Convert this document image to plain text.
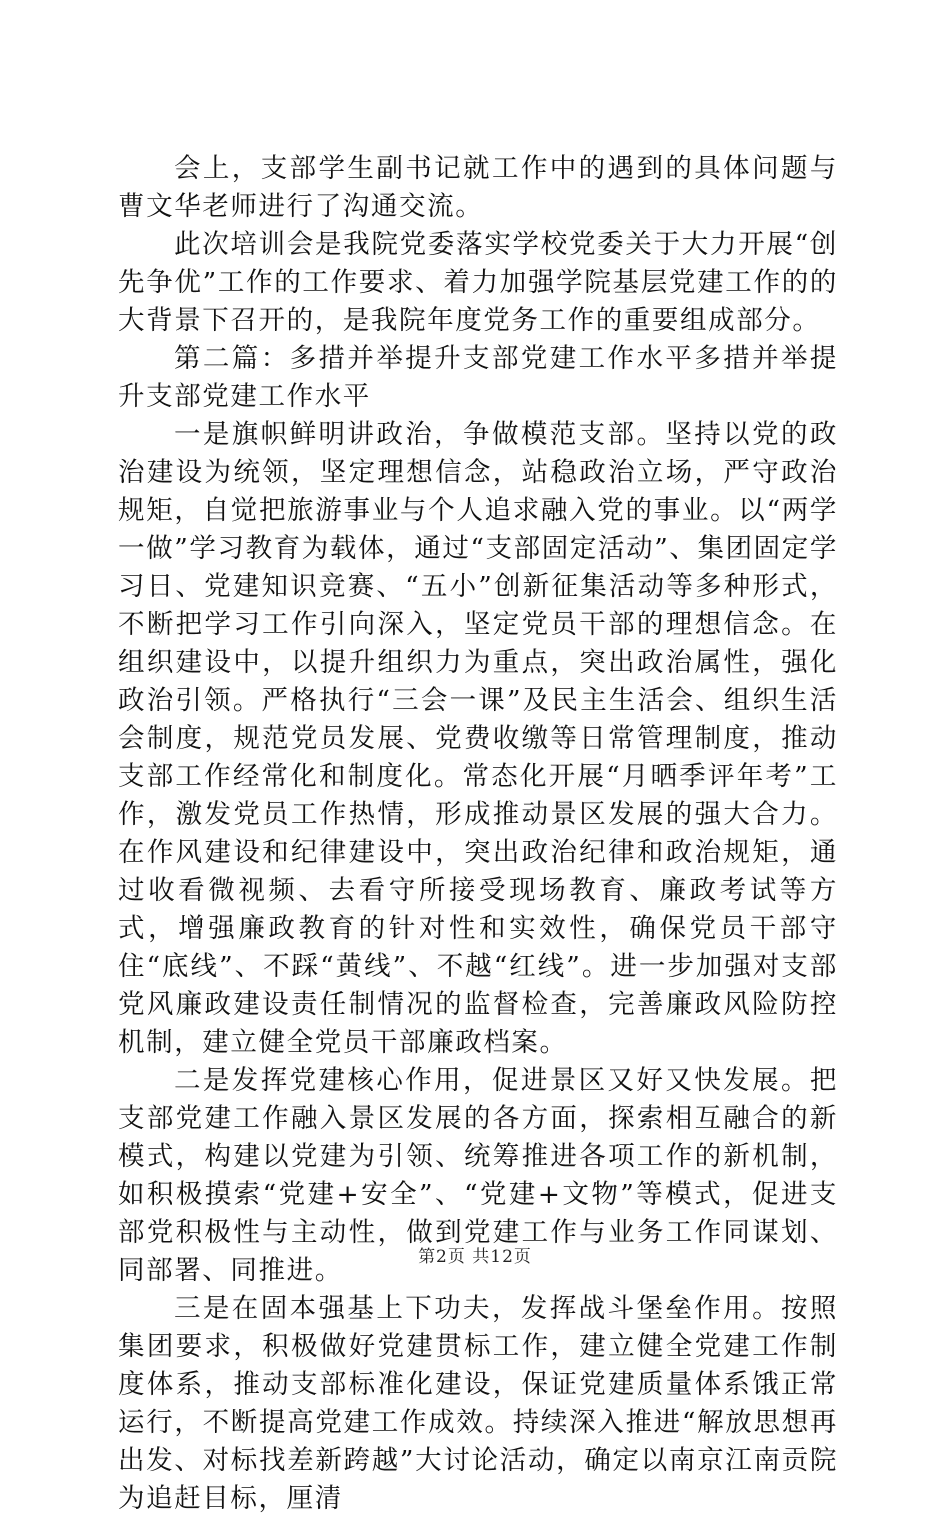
会上，支部学生副书记就工作中的遇到的具体问题与曹文华老师进行了沟通交流。

此次培训会是我院党委落实学校党委关于大力开展“创先争优”工作的工作要求、着力加强学院基层党建工作的的大背景下召开的，是我院年度党务工作的重要组成部分。

第二篇：多措并举提升支部党建工作水平多措并举提升支部党建工作水平

一是旗帜鲜明讲政治，争做模范支部。坚持以党的政治建设为统领，坚定理想信念，站稳政治立场，严守政治规矩，自觉把旅游事业与个人追求融入党的事业。以“两学一做”学习教育为载体，通过“支部固定活动”、集团固定学习日、党建知识竞赛、“五小”创新征集活动等多种形式，不断把学习工作引向深入，坚定党员干部的理想信念。在组织建设中，以提升组织力为重点，突出政治属性，强化政治引领。严格执行“三会一课”及民主生活会、组织生活会制度，规范党员发展、党费收缴等日常管理制度，推动支部工作经常化和制度化。常态化开展“月晒季评年考”工作，激发党员工作热情，形成推动景区发展的强大合力。在作风建设和纪律建设中，突出政治纪律和政治规矩，通过收看微视频、去看守所接受现场教育、廉政考试等方式，增强廉政教育的针对性和实效性，确保党员干部守住“底线”、不踩“黄线”、不越“红线”。进一步加强对支部党风廉政建设责任制情况的监督检查，完善廉政风险防控机制，建立健全党员干部廉政档案。

二是发挥党建核心作用，促进景区又好又快发展。把支部党建工作融入景区发展的各方面，探索相互融合的新模式，构建以党建为引领、统筹推进各项工作的新机制，如积极摸索“党建+安全”、“党建+文物”等模式，促进支部党积极性与主动性，做到党建工作与业务工作同谋划、同部署、同推进。

三是在固本强基上下功夫，发挥战斗堡垒作用。按照集团要求，积极做好党建贯标工作，建立健全党建工作制度体系，推动支部标准化建设，保证党建质量体系饿正常运行，不断提高党建工作成效。持续深入推进“解放思想再出发、对标找差新跨越”大讨论活动，确定以南京江南贡院为追赶目标，厘清

第2页 共12页
